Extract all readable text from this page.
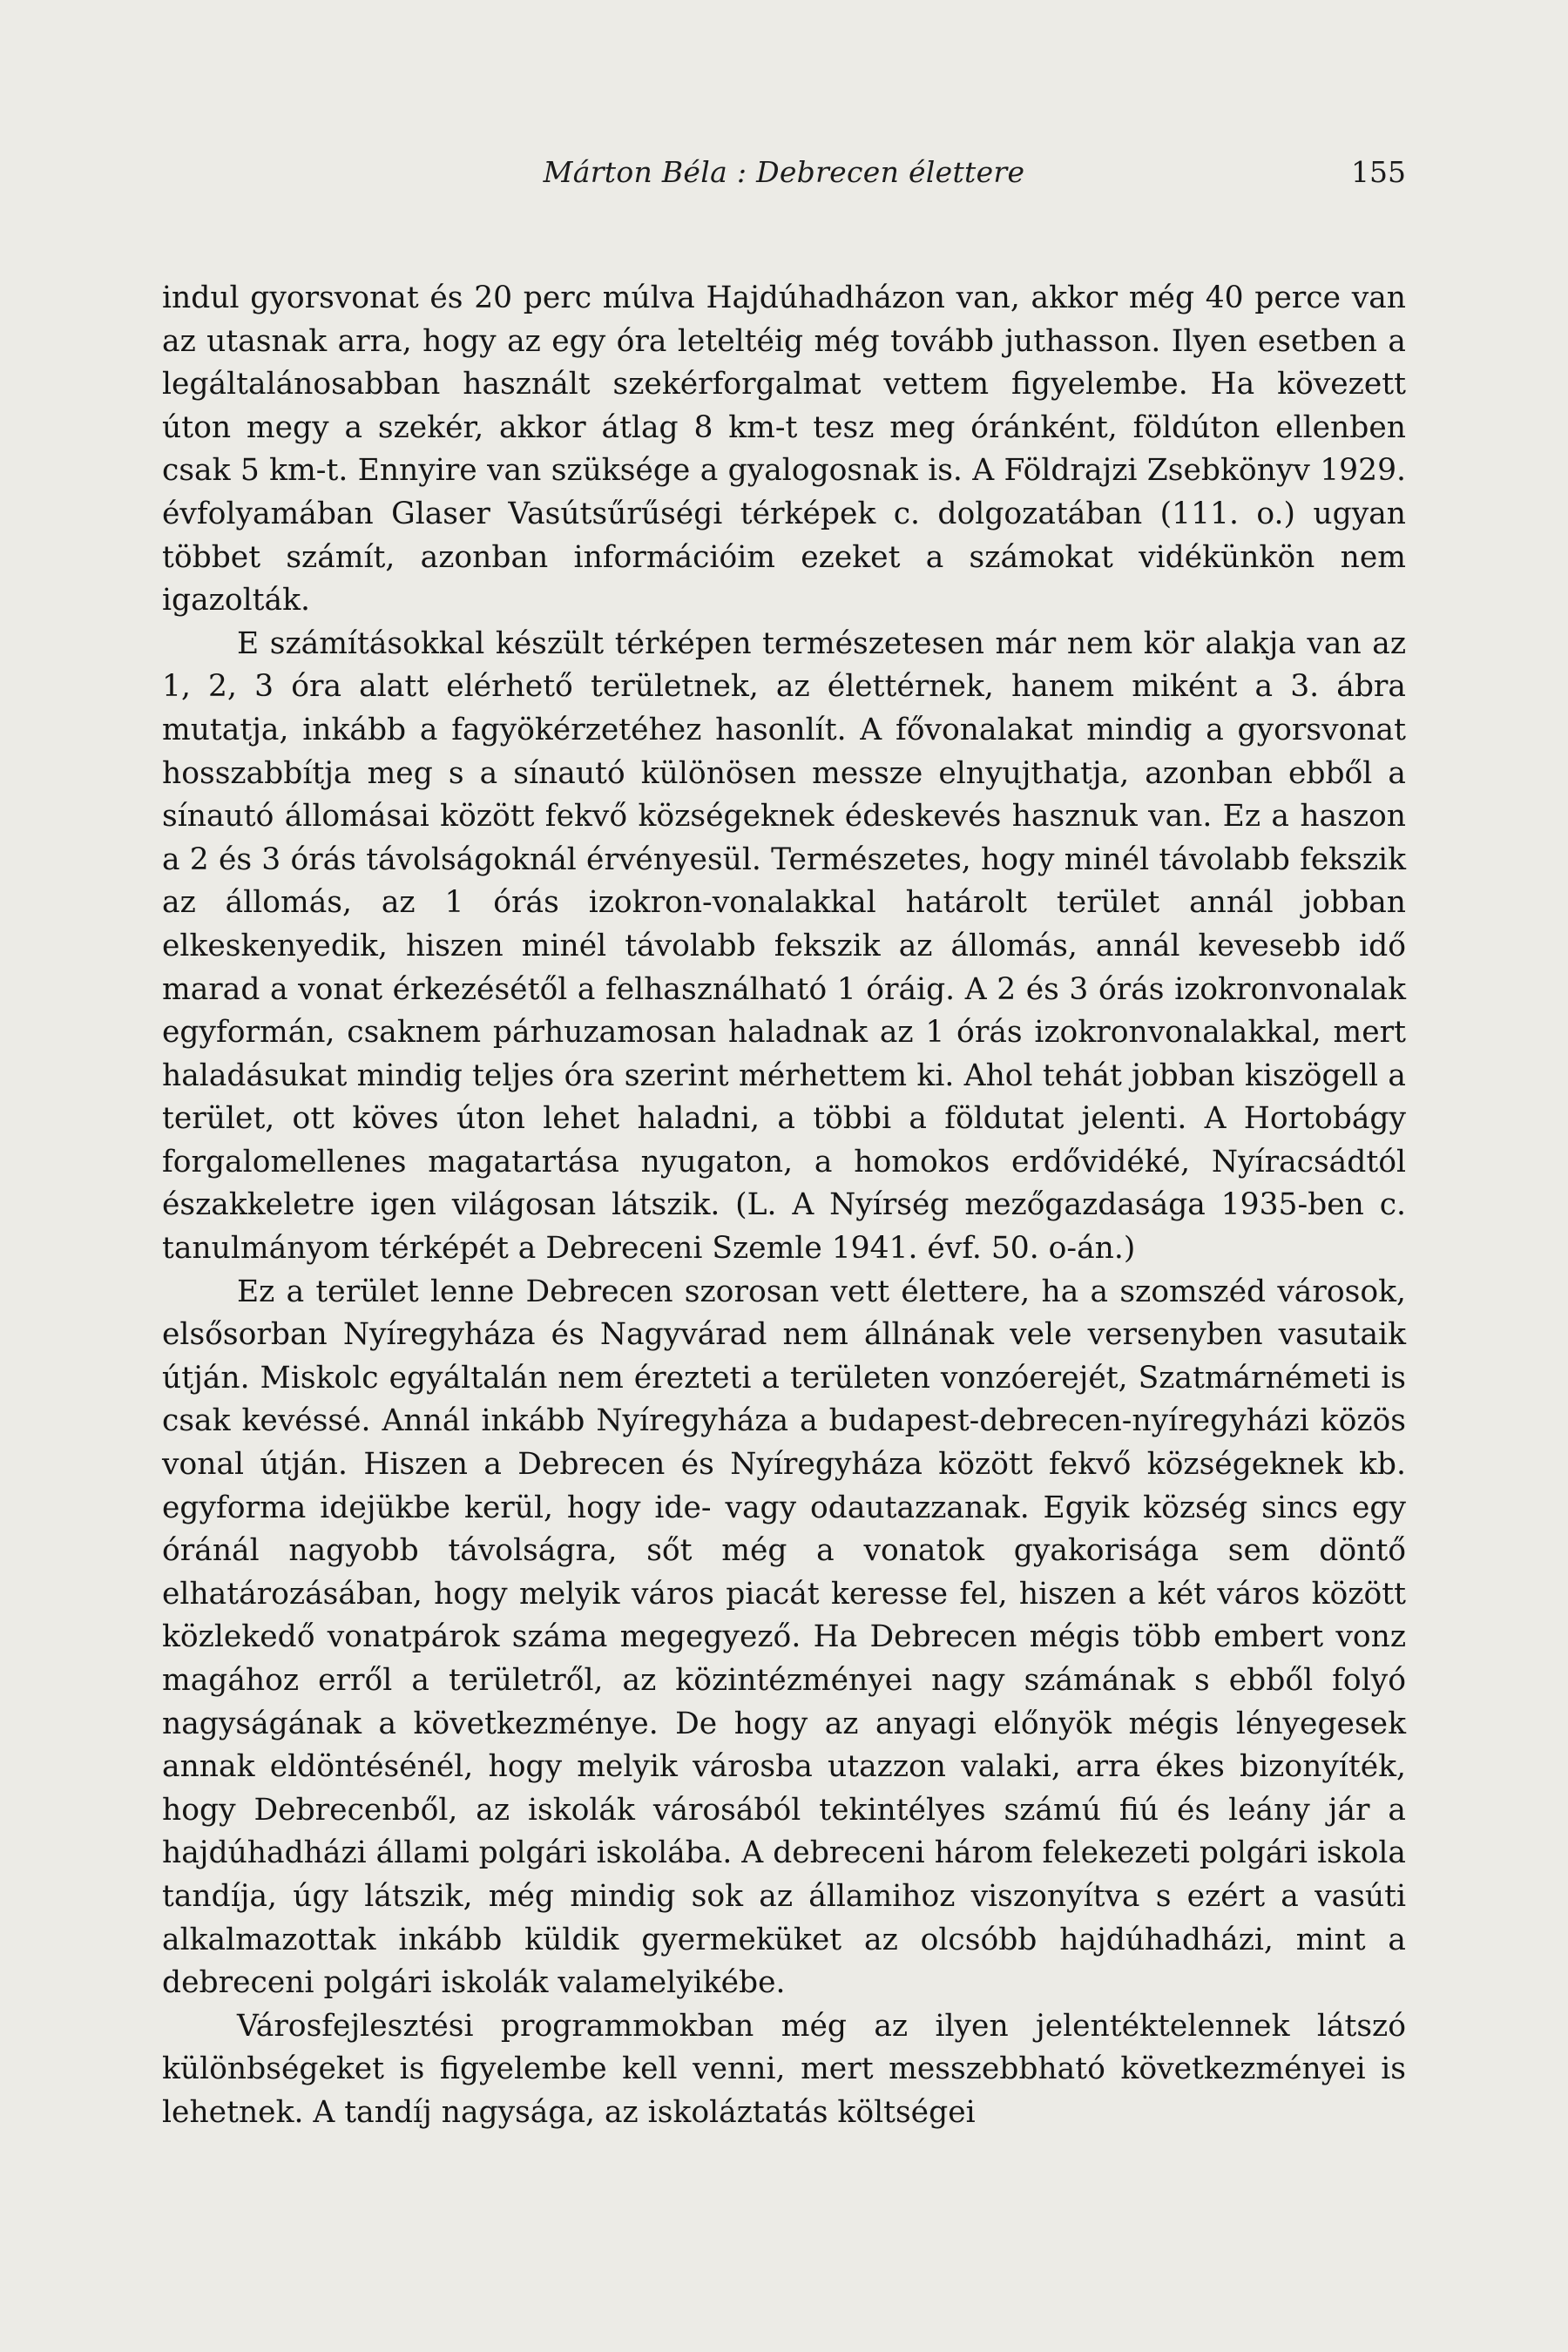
Márton Béla : Debrecen élettere	155

indul gyorsvonat és 20 perc múlva Hajdúhadházon van, akkor még 40 perce van az utasnak arra, hogy az egy óra leteltéig még tovább juthasson. Ilyen esetben a legáltalánosabban használt szekérforgalmat vettem figyelembe. Ha kövezett úton megy a szekér, akkor átlag 8 km-t tesz meg óránként, földúton ellenben csak 5 km-t. Ennyire van szüksége a gyalogosnak is. A Földrajzi Zsebkönyv 1929. évfolyamában Glaser Vasútsűrűségi térképek c. dolgozatában (111. o.) ugyan többet számít, azonban információim ezeket a számokat vidékünkön nem igazolták.

E számításokkal készült térképen természetesen már nem kör alakja van az 1, 2, 3 óra alatt elérhető területnek, az élettérnek, hanem miként a 3. ábra mutatja, inkább a fagyökérzetéhez hasonlít. A fővonalakat mindig a gyorsvonat hosszabbítja meg s a sínautó különösen messze elnyujthatja, azonban ebből a sínautó állomásai között fekvő községeknek édeskevés hasznuk van. Ez a haszon a 2 és 3 órás távolságoknál érvényesül. Természetes, hogy minél távolabb fekszik az állomás, az 1 órás izokron-vonalakkal határolt terület annál jobban elkeskenyedik, hiszen minél távolabb fekszik az állomás, annál kevesebb idő marad a vonat érkezésétől a felhasználható 1 óráig. A 2 és 3 órás izokronvonalak egyformán, csaknem párhuzamosan haladnak az 1 órás izokronvonalakkal, mert haladásukat mindig teljes óra szerint mérhettem ki. Ahol tehát jobban kiszögell a terület, ott köves úton lehet haladni, a többi a földutat jelenti. A Hortobágy forgalomellenes magatartása nyugaton, a homokos erdővidéké, Nyíracsádtól északkeletre igen világosan látszik. (L. A Nyírség mezőgazdasága 1935-ben c. tanulmányom térképét a Debreceni Szemle 1941. évf. 50. o-án.)

Ez a terület lenne Debrecen szorosan vett élettere, ha a szomszéd városok, elsősorban Nyíregyháza és Nagyvárad nem állnának vele versenyben vasutaik útján. Miskolc egyáltalán nem érezteti a területen vonzóerejét, Szatmárnémeti is csak kevéssé. Annál inkább Nyíregyháza a budapest-debrecen-nyíregyházi közös vonal útján. Hiszen a Debrecen és Nyíregyháza között fekvő községeknek kb. egyforma idejükbe kerül, hogy ide- vagy odautazzanak. Egyik község sincs egy óránál nagyobb távolságra, sőt még a vonatok gyakorisága sem döntő elhatározásában, hogy melyik város piacát keresse fel, hiszen a két város között közlekedő vonatpárok száma megegyező. Ha Debrecen mégis több embert vonz magához erről a területről, az közintézményei nagy számának s ebből folyó nagyságának a következménye. De hogy az anyagi előnyök mégis lényegesek annak eldöntésénél, hogy melyik városba utazzon valaki, arra ékes bizonyíték, hogy Debrecenből, az iskolák városából tekintélyes számú fiú és leány jár a hajdúhadházi állami polgári iskolába. A debreceni három felekezeti polgári iskola tandíja, úgy látszik, még mindig sok az államihoz viszonyítva s ezért a vasúti alkalmazottak inkább küldik gyermeküket az olcsóbb hajdúhadházi, mint a debreceni polgári iskolák valamelyikébe.

Városfejlesztési programmokban még az ilyen jelentéktelennek látszó különbségeket is figyelembe kell venni, mert messzebbható következményei is lehetnek. A tandíj nagysága, az iskoláztatás költségei
